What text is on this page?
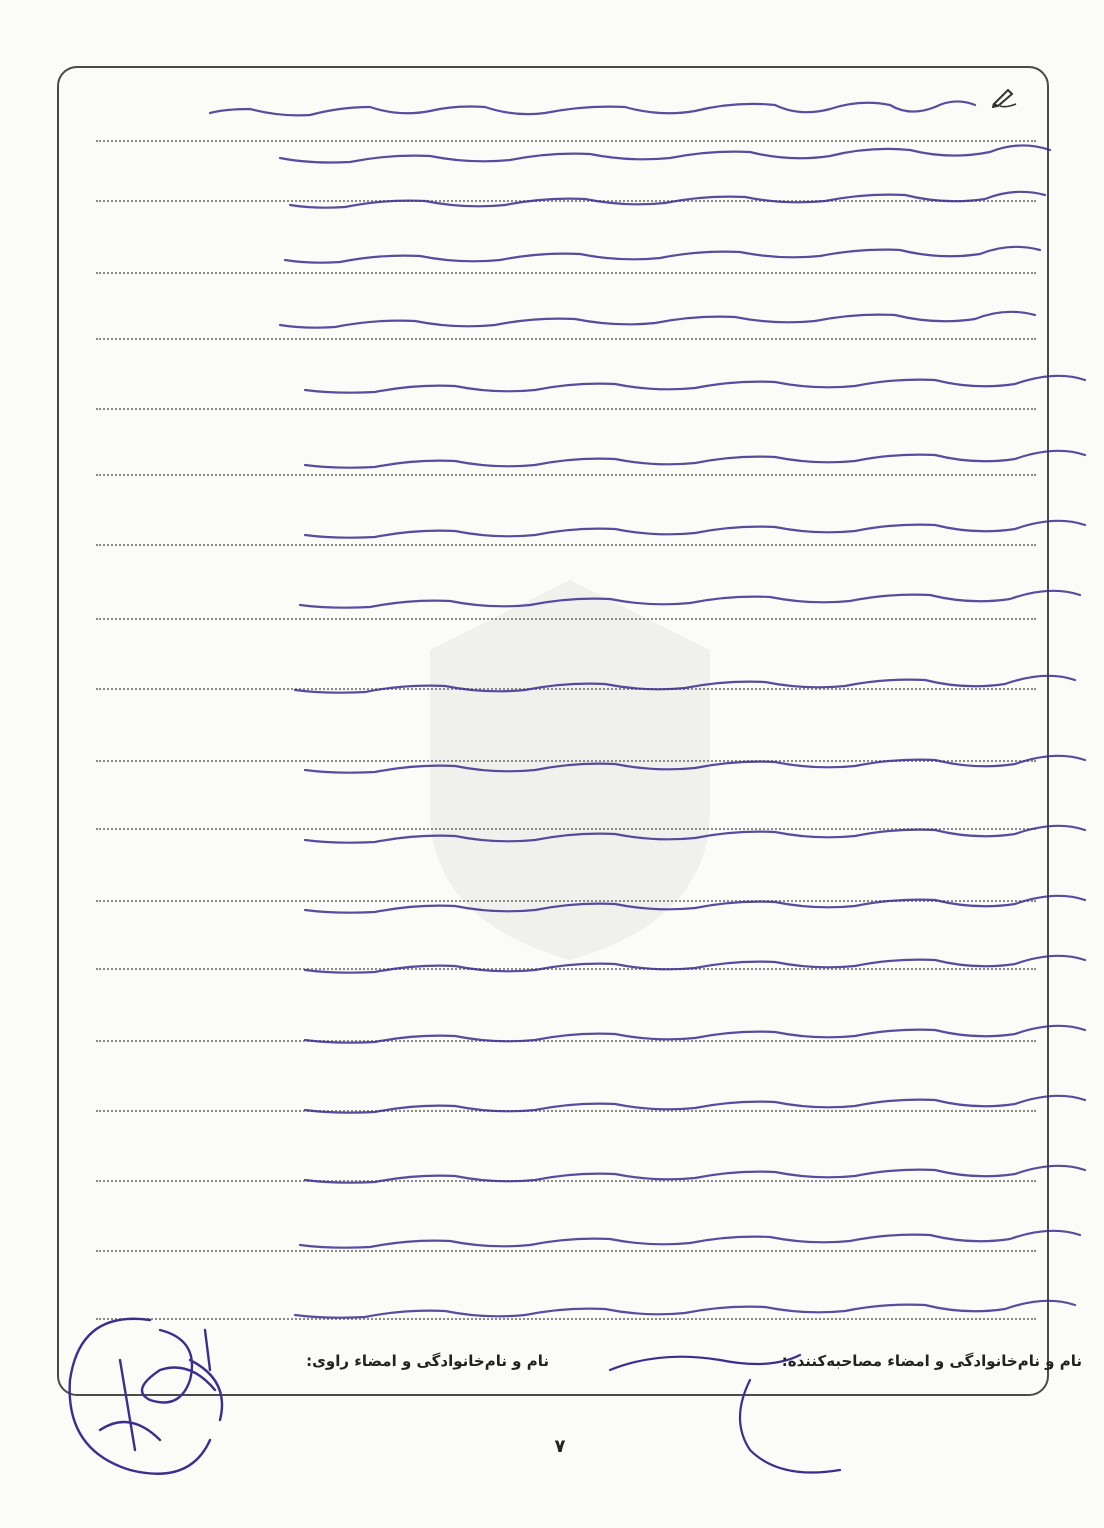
نام و نام‌خانوادگی و امضاء مصاحبه‌کننده:
نام و نام‌خانوادگی و امضاء راوی:
۷
